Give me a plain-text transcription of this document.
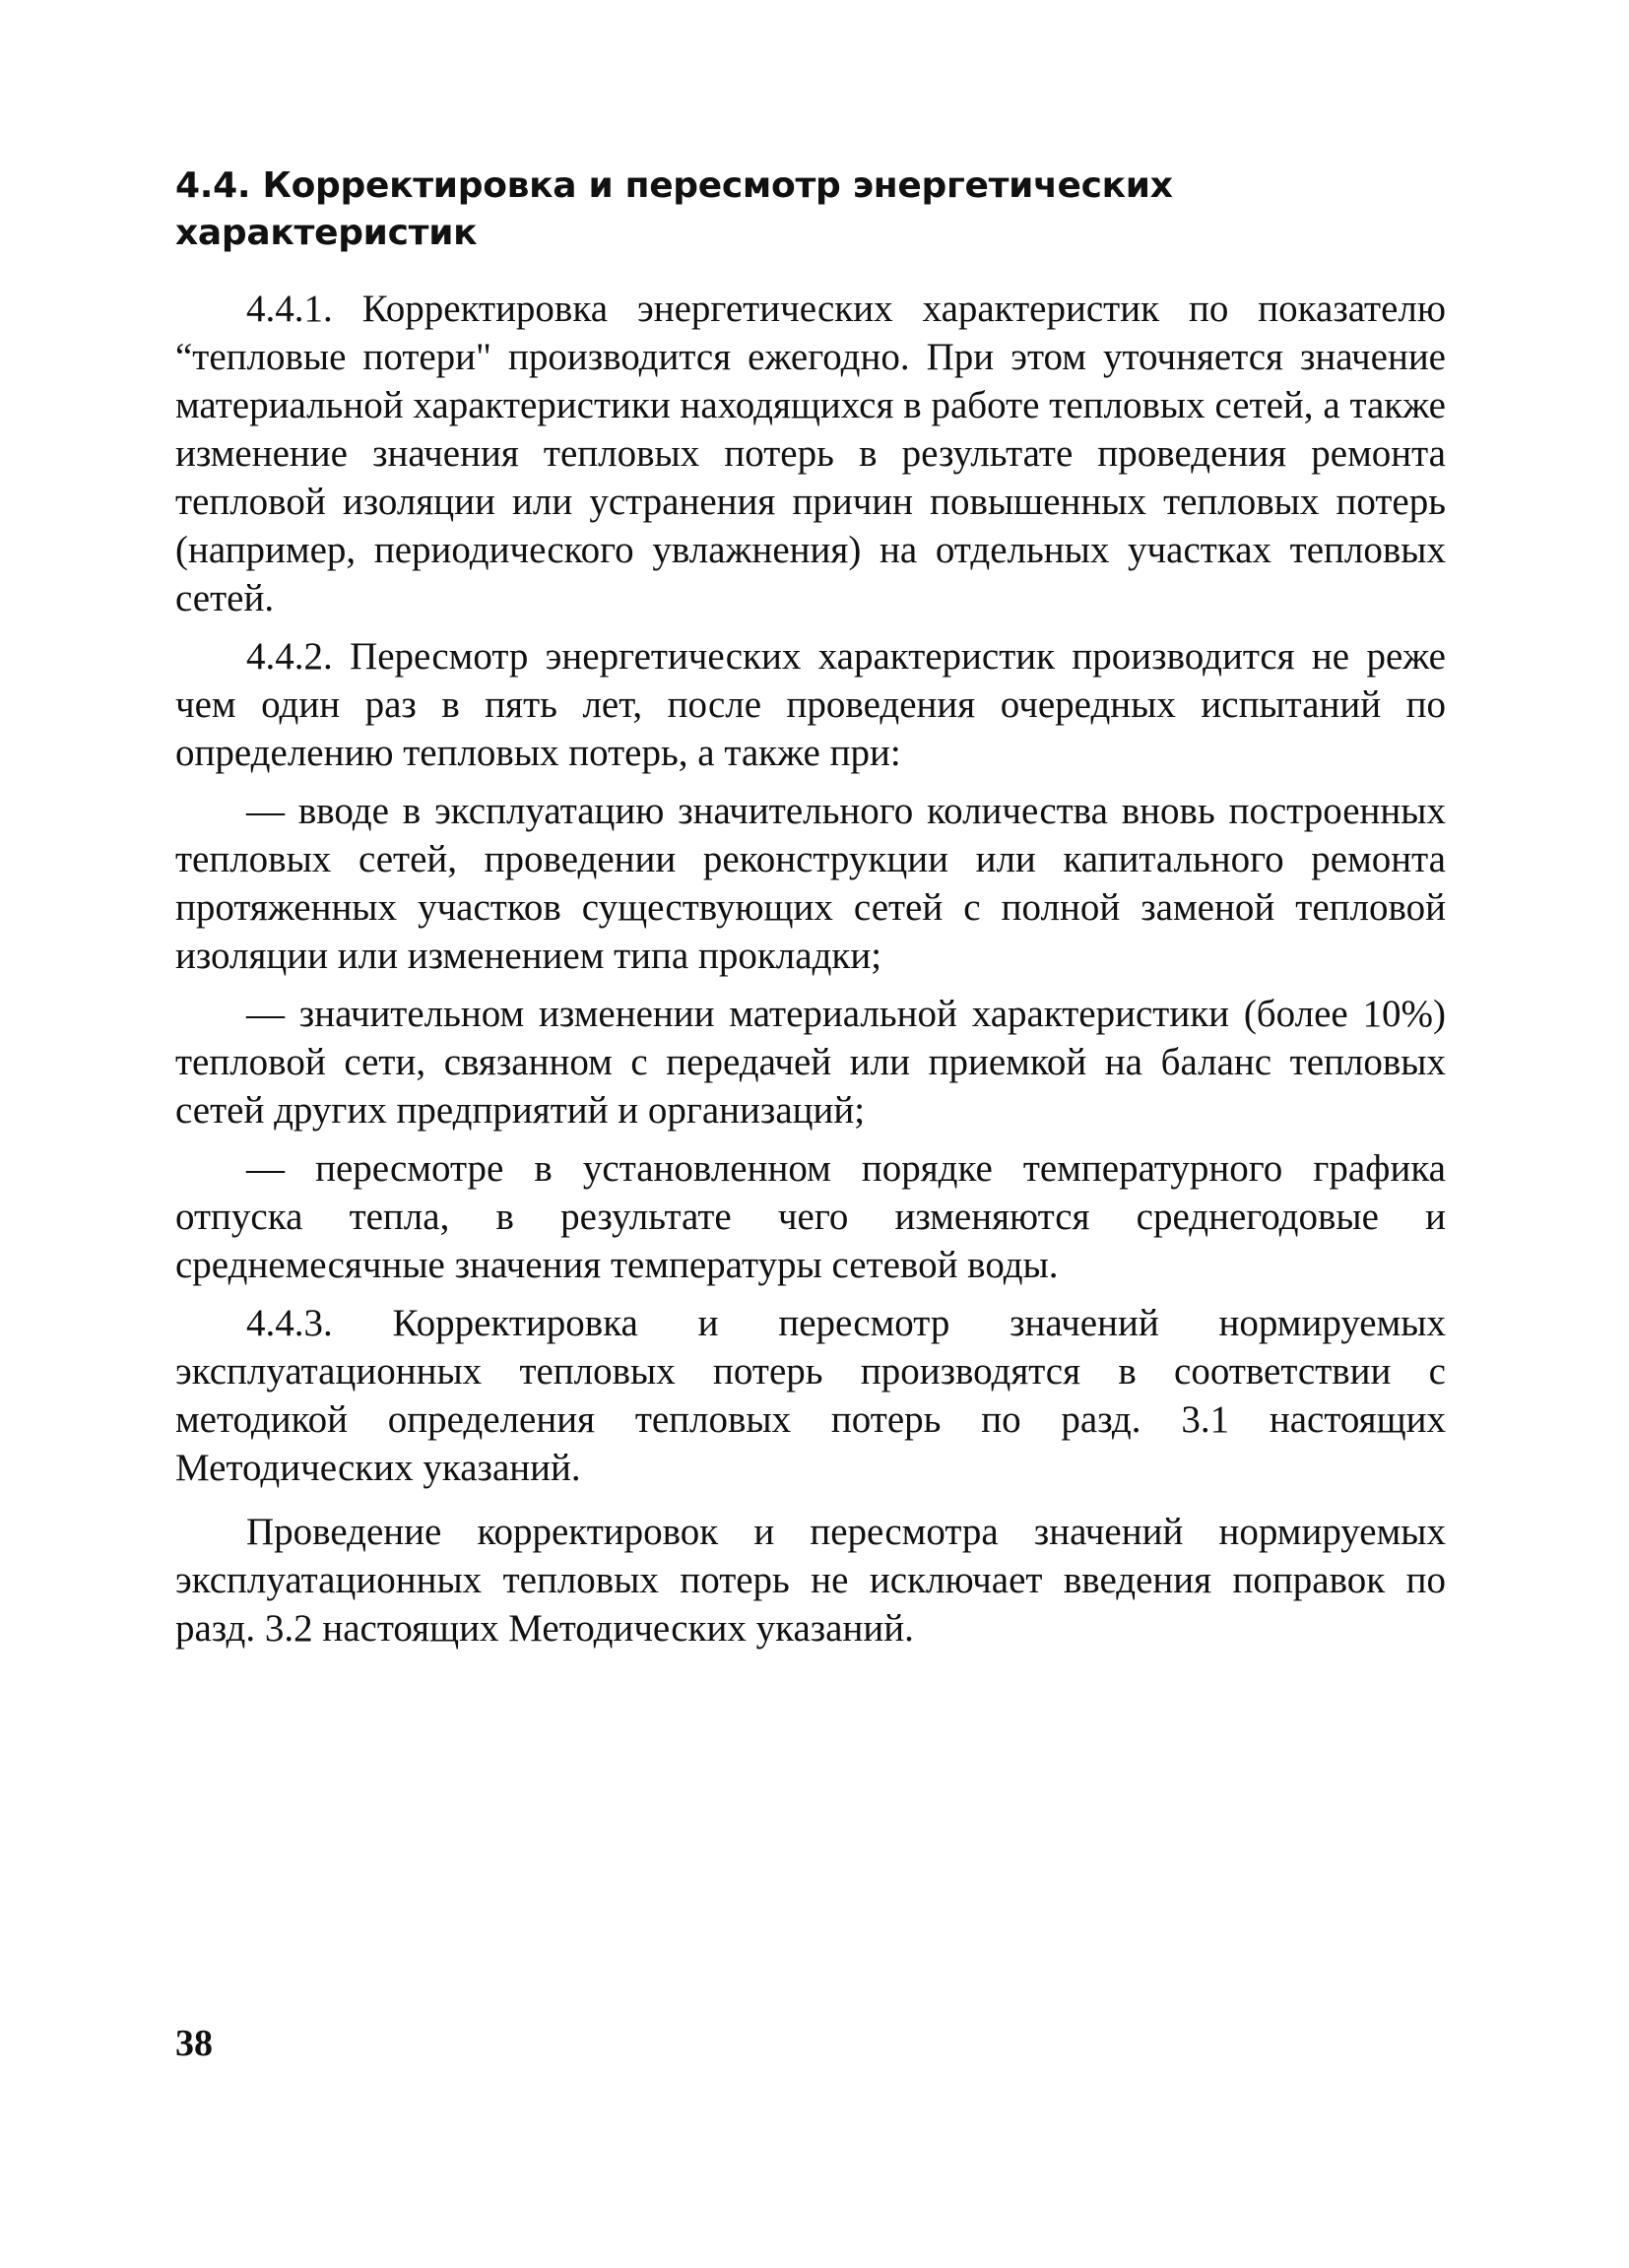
4.4. Корректировка и пересмотр энергетических характеристик

4.4.1. Корректировка энергетических характеристик по показателю “тепловые потери" производится ежегодно. При этом уточняется значение материальной характеристики находящихся в работе тепловых сетей, а также изменение значения тепловых потерь в результате проведения ремонта тепловой изоляции или устранения причин повышенных тепловых потерь (например, периодического увлажнения) на отдельных участках тепловых сетей.

4.4.2. Пересмотр энергетических характеристик производится не реже чем один раз в пять лет, после проведения очередных испытаний по определению тепловых потерь, а также при:

— вводе в эксплуатацию значительного количества вновь построенных тепловых сетей, проведении реконструкции или капитального ремонта протяженных участков существующих сетей с полной заменой тепловой изоляции или изменением типа прокладки;

— значительном изменении материальной характеристики (более 10%) тепловой сети, связанном с передачей или приемкой на баланс тепловых сетей других предприятий и организаций;

— пересмотре в установленном порядке температурного графика отпуска тепла, в результате чего изменяются среднегодовые и среднемесячные значения температуры сетевой воды.

4.4.3. Корректировка и пересмотр значений нормируемых эксплуатационных тепловых потерь производятся в соответствии с методикой определения тепловых потерь по разд. 3.1 настоящих Методических указаний.

Проведение корректировок и пересмотра значений нормируемых эксплуатационных тепловых потерь не исключает введения поправок по разд. 3.2 настоящих Методических указаний.

38
